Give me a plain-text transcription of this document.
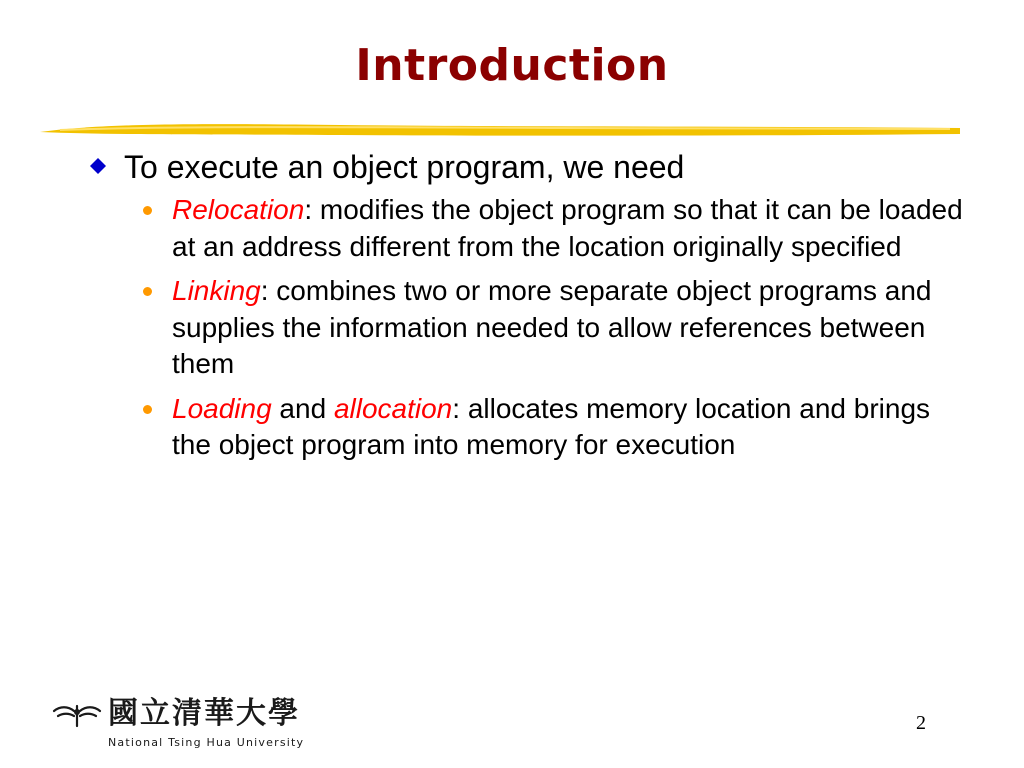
Introduction
To execute an object program, we need
Relocation: modifies the object program so that it can be loaded at an address different from the location originally specified
Linking: combines two or more separate object programs and supplies the information needed to allow references between them
Loading and allocation: allocates memory location and brings the object program into memory for execution
國立清華大學
National Tsing Hua University
2
